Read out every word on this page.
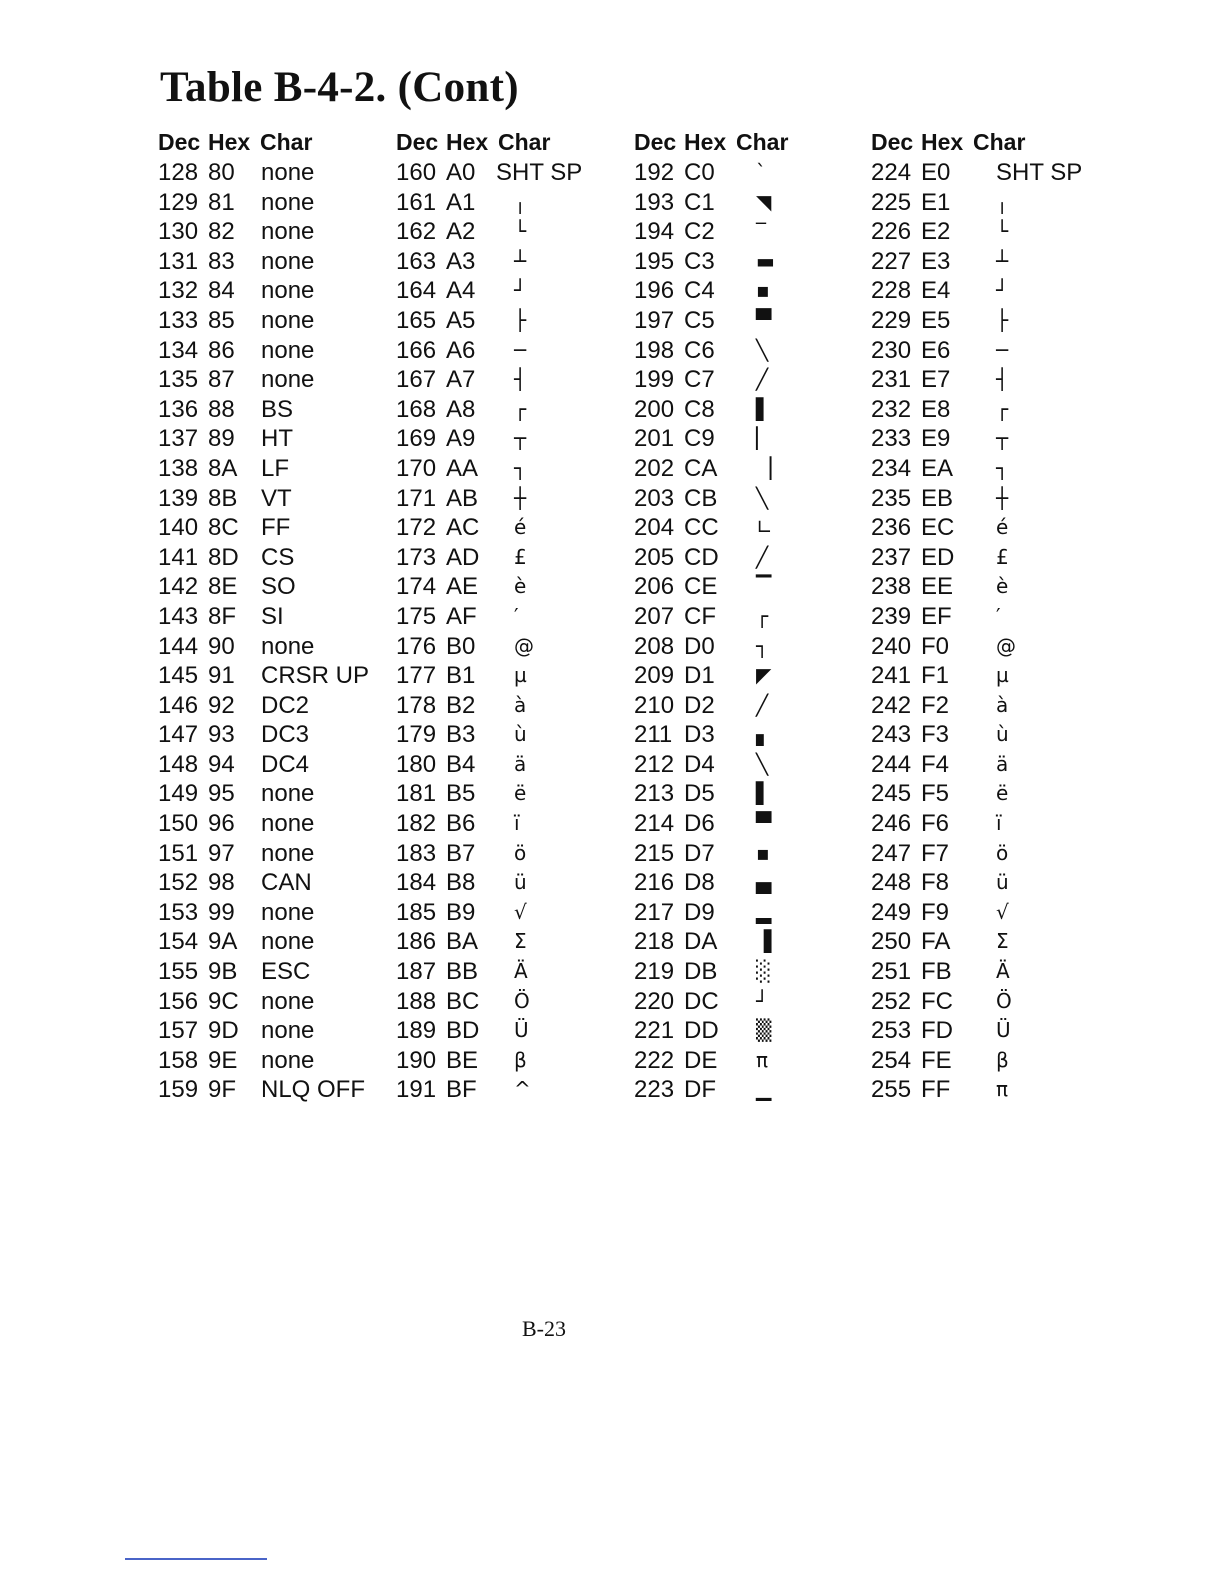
Table B-4-2. (Cont)
Dec Hex Char
128 80 none
129 81 none
130 82 none
131 83 none
132 84 none
133 85 none
134 86 none
135 87 none
136 88 BS
137 89 HT
138 8A LF
139 8B VT
140 8C FF
141 8D CS
142 8E SO
143 8F SI
144 90 none
145 91 CRSR UP
146 92 DC2
147 93 DC3
148 94 DC4
149 95 none
150 96 none
151 97 none
152 98 CAN
153 99 none
154 9A none
155 9B ESC
156 9C none
157 9D none
158 9E none
159 9F NLQ OFF
Dec Hex Char
160 A0 SHT SP
161 A1 ╷
162 A2 └
163 A3 ┴
164 A4 ┘
165 A5 ├
166 A6 ─
167 A7 ┤
168 A8 ┌
169 A9 ┬
170 AA ┐
171 AB ┼
172 AC é
173 AD £
174 AE è
175 AF ′
176 B0 @
177 B1 µ
178 B2 à
179 B3 ù
180 B4 ä
181 B5 ë
182 B6 ï
183 B7 ö
184 B8 ü
185 B9 √
186 BA Σ
187 BB Ä
188 BC Ö
189 BD Ü
190 BE β
191 BF ^
Dec Hex Char
192 C0 ˋ
193 C1 ◥
194 C2 ‾
195 C3 ▬
196 C4 ▪
197 C5 ▀
198 C6 ╲
199 C7 ╱
200 C8 ▌
201 C9 ▏
202 CA ▕
203 CB ╲
204 CC ∟
205 CD ╱
206 CE ▔
207 CF ┌
208 D0 ┐
209 D1 ◤
210 D2 ╱
211 D3 ▖
212 D4 ╲
213 D5 ▌
214 D6 ▀
215 D7 ▪
216 D8 ▄
217 D9 ▂
218 DA ▐
219 DB ░
220 DC ┘
221 DD ▒
222 DE π
223 DF ▁
Dec Hex Char
224 E0 SHT SP
225 E1 ╷
226 E2 └
227 E3 ┴
228 E4 ┘
229 E5 ├
230 E6 ─
231 E7 ┤
232 E8 ┌
233 E9 ┬
234 EA ┐
235 EB ┼
236 EC é
237 ED £
238 EE è
239 EF ′
240 F0 @
241 F1 µ
242 F2 à
243 F3 ù
244 F4 ä
245 F5 ë
246 F6 ï
247 F7 ö
248 F8 ü
249 F9 √
250 FA Σ
251 FB Ä
252 FC Ö
253 FD Ü
254 FE β
255 FF π
B-23
